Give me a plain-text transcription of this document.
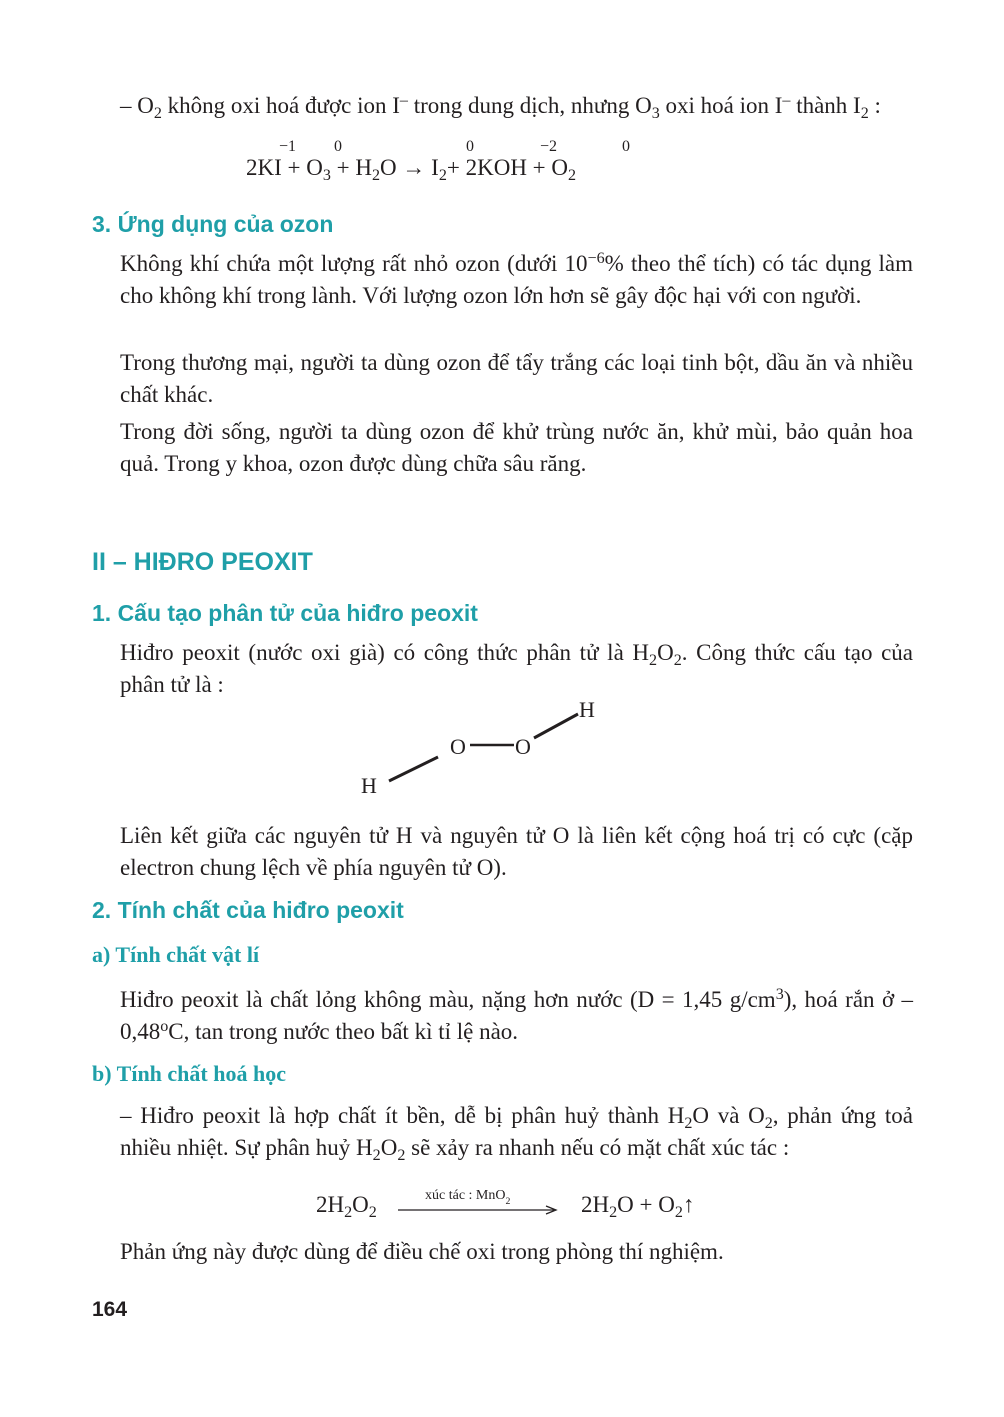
– $O_2$ không oxi hoá được ion I– trong dung dịch, nhưng $O_3$ oxi hoá ion I– thành $I_2$ :
−1 0	0	−2	0
$2KI + O_3 + H_2O \to I_2+ 2KOH + O_2$
3. Ứng dụng của ozon
Không khí chứa một lượng rất nhỏ ozon (dưới $10^{-6}\%$ theo thể tích) có tác dụng làm cho không khí trong lành. Với lượng ozon lớn hơn sẽ gây độc hại với con người.
Trong thương mại, người ta dùng ozon để tẩy trắng các loại tinh bột, dầu ăn và nhiều chất khác.
Trong đời sống, người ta dùng ozon để khử trùng nước ăn, khử mùi, bảo quản hoa quả. Trong y khoa, ozon được dùng chữa sâu răng.
II – HIĐRO PEOXIT
1. Cấu tạo phân tử của hiđro peoxit
Hiđro peoxit (nước oxi già) có công thức phân tử là $H_2O_2$. Công thức cấu tạo của phân tử là :
H
O O
H
Liên kết giữa các nguyên tử H và nguyên tử O là liên kết cộng hoá trị có cực (cặp electron chung lệch về phía nguyên tử O).
2. Tính chất của hiđro peoxit
a) Tính chất vật lí
Hiđro peoxit là chất lỏng không màu, nặng hơn nước (D = 1,45 $g/cm^3$), hoá rắn ở – 0,48$^o$C, tan trong nước theo bất kì tỉ lệ nào.
b) Tính chất hoá học
– Hiđro peoxit là hợp chất ít bền, dễ bị phân huỷ thành $H_2O$ và $O_2$, phản ứng toả nhiều nhiệt. Sự phân huỷ $H_2O_2$ sẽ xảy ra nhanh nếu có mặt chất xúc tác :
$2H_2O_2$
xúc tác : MnO$_2$	$2H_2O$ + $O_2↑$
Phản ứng này được dùng để điều chế oxi trong phòng thí nghiệm.
164
